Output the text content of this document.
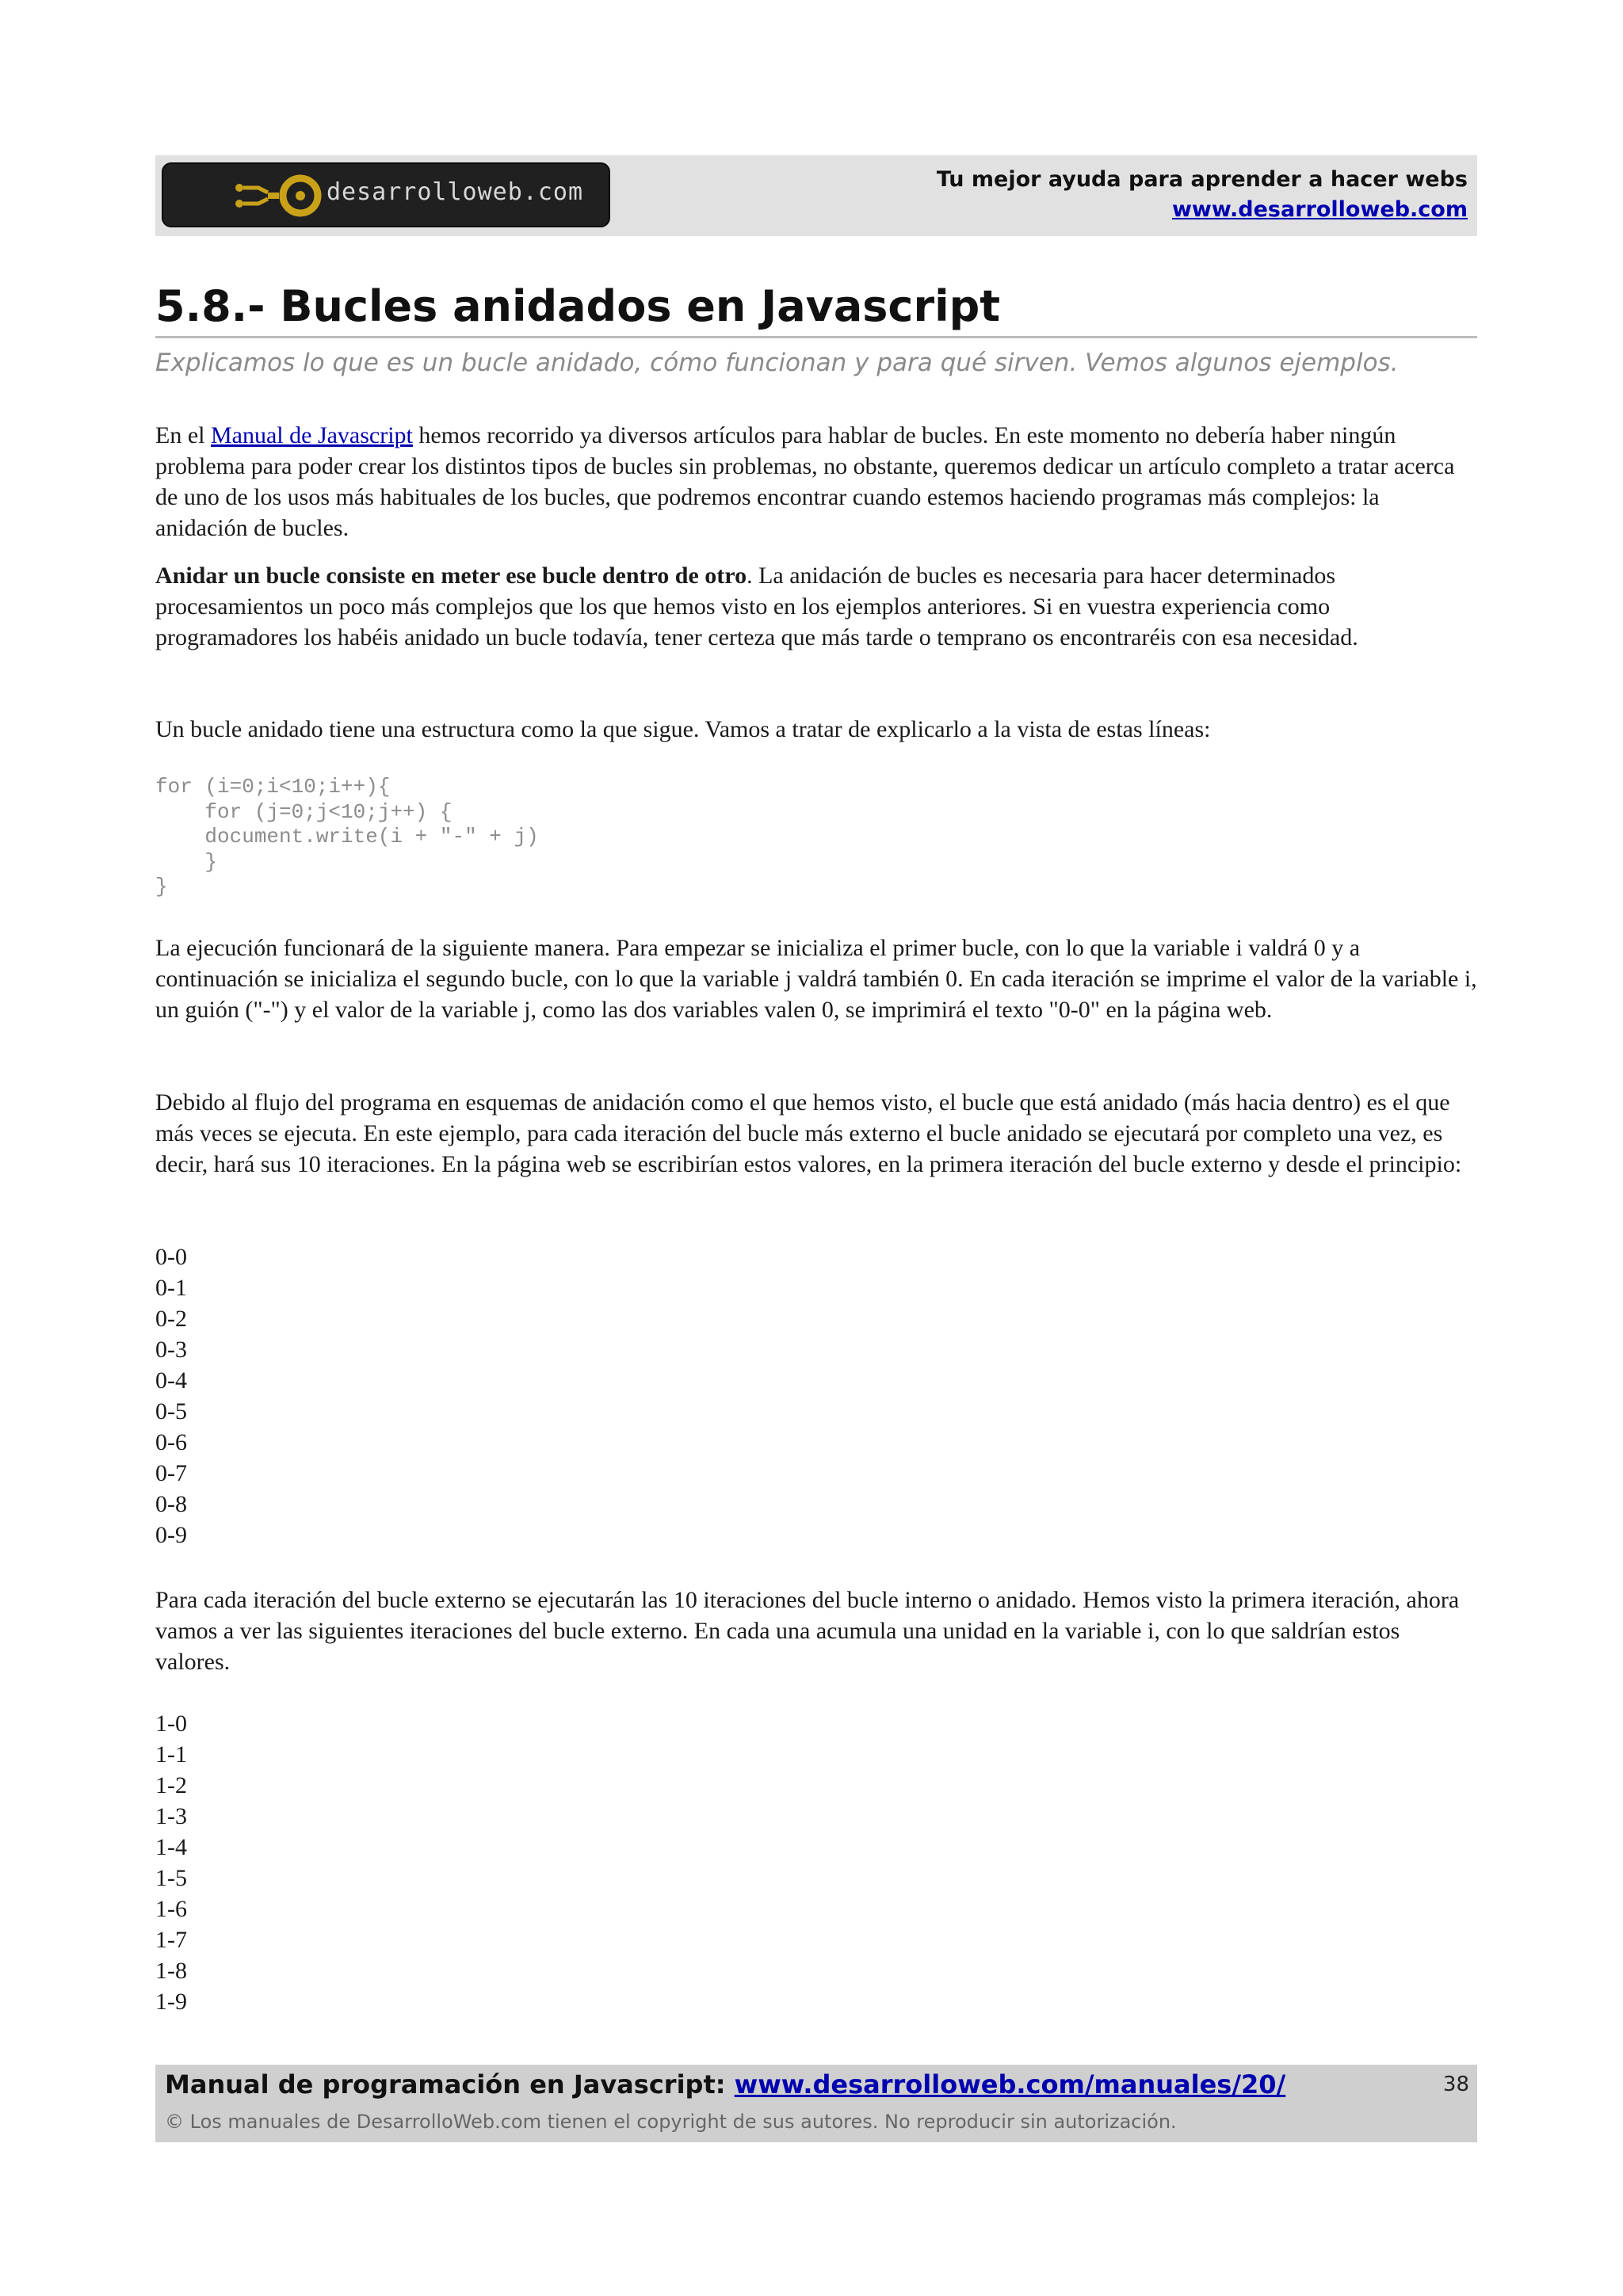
desarrolloweb.com	Tu mejor ayuda para aprender a hacer webs
www.desarrolloweb.com
5.8.- Bucles anidados en Javascript

Explicamos lo que es un bucle anidado, cómo funcionan y para qué sirven. Vemos algunos ejemplos.

En el Manual de Javascript hemos recorrido ya diversos artículos para hablar de bucles. En este momento no debería haber ningún problema para poder crear los distintos tipos de bucles sin problemas, no obstante, queremos dedicar un artículo completo a tratar acerca de uno de los usos más habituales de los bucles, que podremos encontrar cuando estemos haciendo programas más complejos: la anidación de bucles.

Anidar un bucle consiste en meter ese bucle dentro de otro. La anidación de bucles es necesaria para hacer determinados procesamientos un poco más complejos que los que hemos visto en los ejemplos anteriores. Si en vuestra experiencia como programadores los habéis anidado un bucle todavía, tener certeza que más tarde o temprano os encontraréis con esa necesidad.

Un bucle anidado tiene una estructura como la que sigue. Vamos a tratar de explicarlo a la vista de estas líneas:

for (i=0;i<10;i++){
for (j=0;j<10;j++) {
document.write(i + "-" + j)
}
}

La ejecución funcionará de la siguiente manera. Para empezar se inicializa el primer bucle, con lo que la variable i valdrá 0 y a continuación se inicializa el segundo bucle, con lo que la variable j valdrá también 0. En cada iteración se imprime el valor de la variable i, un guión ("-") y el valor de la variable j, como las dos variables valen 0, se imprimirá el texto "0-0" en la página web.

Debido al flujo del programa en esquemas de anidación como el que hemos visto, el bucle que está anidado (más hacia dentro) es el que más veces se ejecuta. En este ejemplo, para cada iteración del bucle más externo el bucle anidado se ejecutará por completo una vez, es decir, hará sus 10 iteraciones. En la página web se escribirían estos valores, en la primera iteración del bucle externo y desde el principio:

0-0
0-1
0-2
0-3
0-4
0-5
0-6
0-7
0-8
0-9

Para cada iteración del bucle externo se ejecutarán las 10 iteraciones del bucle interno o anidado. Hemos visto la primera iteración, ahora vamos a ver las siguientes iteraciones del bucle externo. En cada una acumula una unidad en la variable i, con lo que saldrían estos valores.

1-0
1-1
1-2
1-3
1-4
1-5
1-6
1-7
1-8
1-9
Manual de programación en Javascript: www.desarrolloweb.com/manuales/20/
© Los manuales de DesarrolloWeb.com tienen el copyright de sus autores. No reproducir sin autorización.
38
